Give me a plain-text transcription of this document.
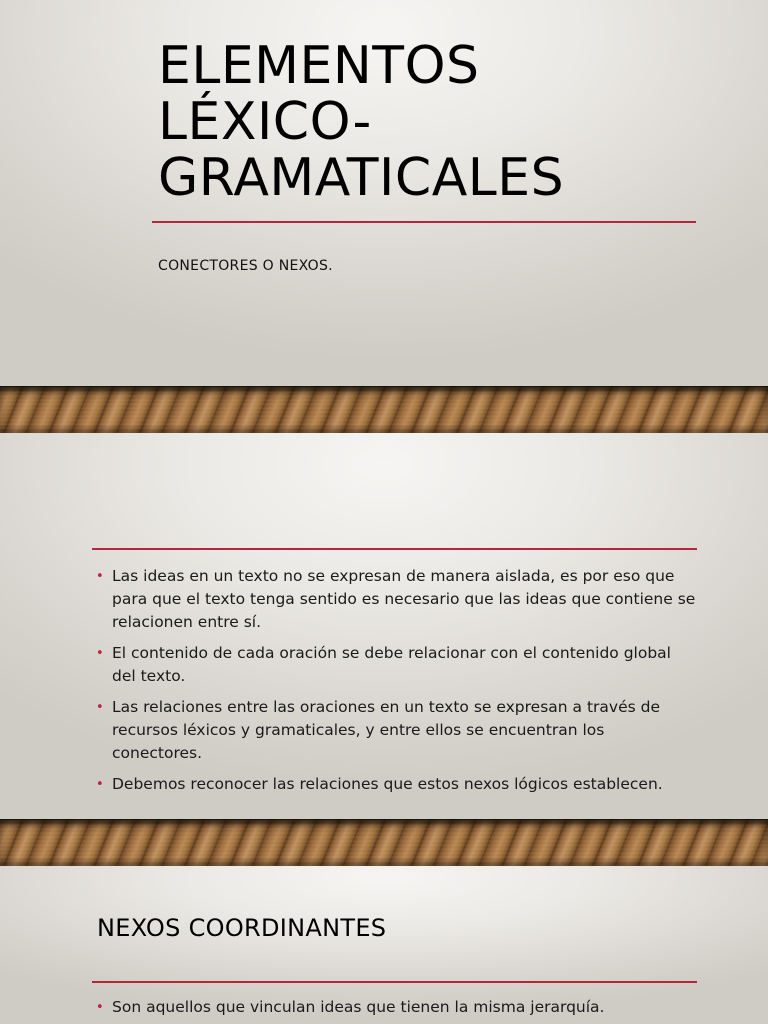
ELEMENTOS
LÉXICO-
GRAMATICALES

CONECTORES O NEXOS.

• Las ideas en un texto no se expresan de manera aislada, es por eso que para que el texto tenga sentido es necesario que las ideas que contiene se relacionen entre sí.
• El contenido de cada oración se debe relacionar con el contenido global del texto.
• Las relaciones entre las oraciones en un texto se expresan a través de recursos léxicos y gramaticales, y entre ellos se encuentran los conectores.
• Debemos reconocer las relaciones que estos nexos lógicos establecen.
NEXOS COORDINANTES
• Son aquellos que vinculan ideas que tienen la misma jerarquía.
